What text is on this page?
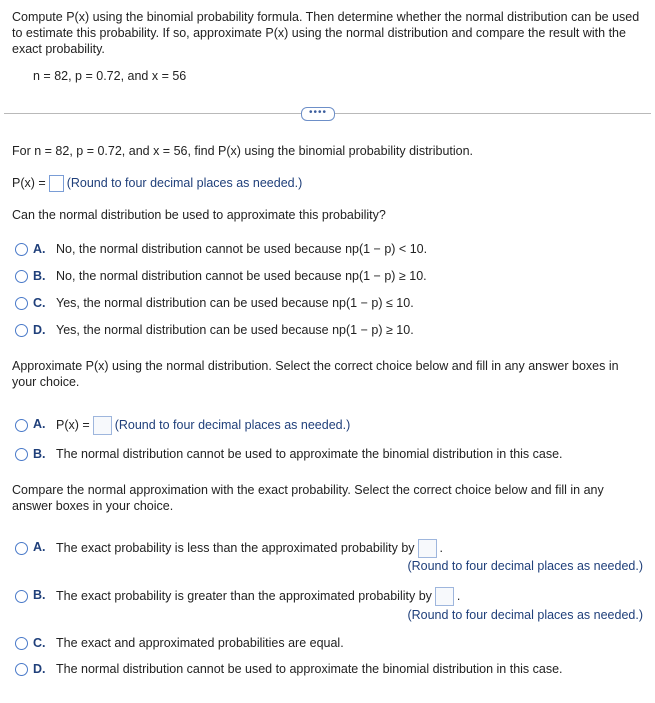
Compute P(x) using the binomial probability formula. Then determine whether the normal distribution can be used to estimate this probability. If so, approximate P(x) using the normal distribution and compare the result with the exact probability.
n = 82, p = 0.72, and x = 56
••••
For n = 82, p = 0.72, and x = 56, find P(x) using the binomial probability distribution.
P(x) = (Round to four decimal places as needed.)
Can the normal distribution be used to approximate this probability?
A. No, the normal distribution cannot be used because np(1 − p) < 10.
B. No, the normal distribution cannot be used because np(1 − p) ≥ 10.
C. Yes, the normal distribution can be used because np(1 − p) ≤ 10.
D. Yes, the normal distribution can be used because np(1 − p) ≥ 10.
Approximate P(x) using the normal distribution. Select the correct choice below and fill in any answer boxes in your choice.
A. P(x) = (Round to four decimal places as needed.)
B. The normal distribution cannot be used to approximate the binomial distribution in this case.
Compare the normal approximation with the exact probability. Select the correct choice below and fill in any answer boxes in your choice.
A. The exact probability is less than the approximated probability by .
(Round to four decimal places as needed.)
B. The exact probability is greater than the approximated probability by .
(Round to four decimal places as needed.)
C. The exact and approximated probabilities are equal.
D. The normal distribution cannot be used to approximate the binomial distribution in this case.
